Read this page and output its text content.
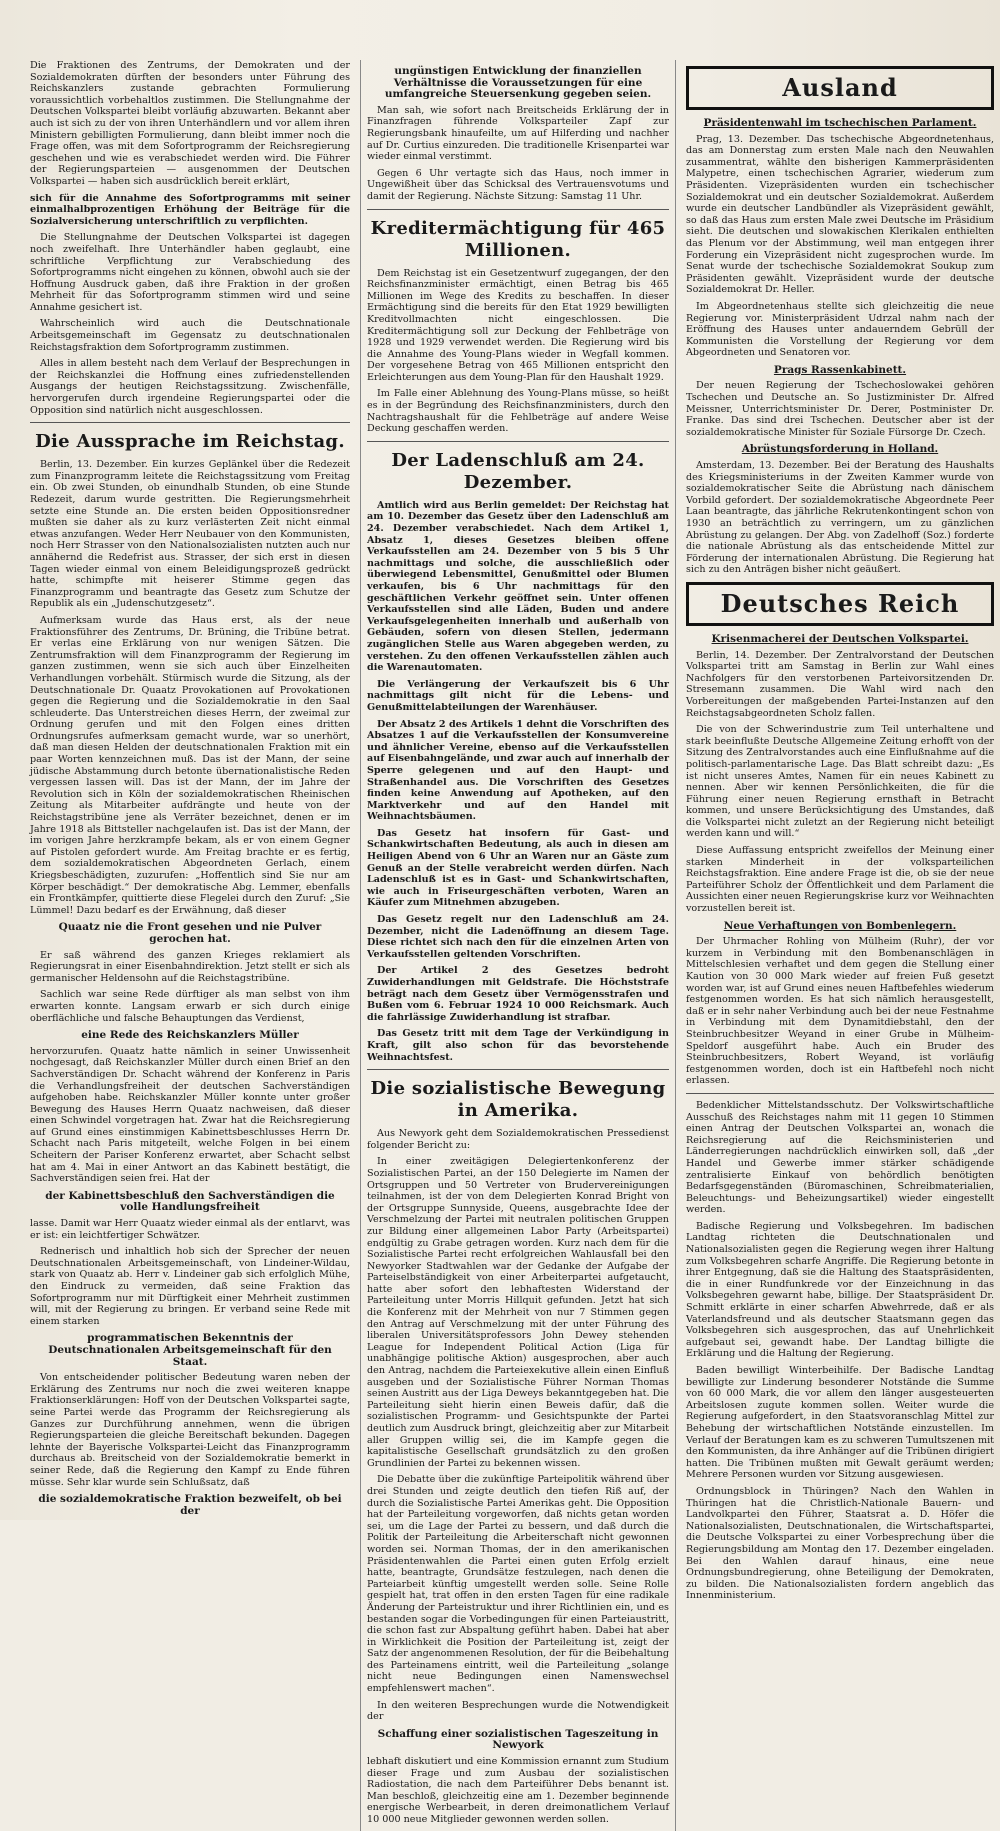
Die Fraktionen des Zentrums, der Demokraten und der Sozialdemokraten dürften der besonders unter Führung des Reichskanzlers zustande gebrachten Formulierung voraussichtlich vorbehaltlos zustimmen. Die Stellungnahme der Deutschen Volkspartei bleibt vorläufig abzuwarten. Bekannt aber auch ist sich zu der von ihren Unterhändlern und vor allem ihren Ministern gebilligten Formulierung, dann bleibt immer noch die Frage offen, was mit dem Sofortprogramm der Reichsregierung geschehen und wie es verabschiedet werden wird. Die Führer der Regierungsparteien — ausgenommen der Deutschen Volkspartei — haben sich ausdrücklich bereit erklärt,

sich für die Annahme des Sofortprogramms mit seiner einmalhalbprozentigen Erhöhung der Beiträge für die Sozialversicherung unterschriftlich zu verpflichten.

Die Stellungnahme der Deutschen Volkspartei ist dagegen noch zweifelhaft. Ihre Unterhändler haben geglaubt, eine schriftliche Verpflichtung zur Verabschiedung des Sofortprogramms nicht eingehen zu können, obwohl auch sie der Hoffnung Ausdruck gaben, daß ihre Fraktion in der großen Mehrheit für das Sofortprogramm stimmen wird und seine Annahme gesichert ist.

Wahrscheinlich wird auch die Deutschnationale Arbeitsgemeinschaft im Gegensatz zu deutschnationalen Reichstagsfraktion dem Sofortprogramm zustimmen.

Alles in allem besteht nach dem Verlauf der Besprechungen in der Reichskanzlei die Hoffnung eines zufriedenstellenden Ausgangs der heutigen Reichstagssitzung. Zwischenfälle, hervorgerufen durch irgendeine Regierungspartei oder die Opposition sind natürlich nicht ausgeschlossen.

Die Aussprache im Reichstag.

Berlin, 13. Dezember. Ein kurzes Geplänkel über die Redezeit zum Finanzprogramm leitete die Reichstagssitzung vom Freitag ein. Ob zwei Stunden, ob einundhalb Stunden, ob eine Stunde Redezeit, darum wurde gestritten. Die Regierungsmehrheit setzte eine Stunde an. Die ersten beiden Oppositionsredner mußten sie daher als zu kurz verlästerten Zeit nicht einmal etwas anzufangen. Weder Herr Neubauer von den Kommunisten, noch Herr Strasser von den Nationalsozialisten nutzten auch nur annähernd die Redefrist aus. Strasser, der sich erst in diesen Tagen wieder einmal von einem Beleidigungsprozeß gedrückt hatte, schimpfte mit heiserer Stimme gegen das Finanzprogramm und beantragte das Gesetz zum Schutze der Republik als ein „Judenschutzgesetz“.

Aufmerksam wurde das Haus erst, als der neue Fraktionsführer des Zentrums, Dr. Brüning, die Tribüne betrat. Er verlas eine Erklärung von nur wenigen Sätzen. Die Zentrumsfraktion will dem Finanzprogramm der Regierung im ganzen zustimmen, wenn sie sich auch über Einzelheiten Verhandlungen vorbehält. Stürmisch wurde die Sitzung, als der Deutschnationale Dr. Quaatz Provokationen auf Provokationen gegen die Regierung und die Sozialdemokratie in den Saal schleuderte. Das Unterstreichen dieses Herrn, der zweimal zur Ordnung gerufen und mit den Folgen eines dritten Ordnungsrufes aufmerksam gemacht wurde, war so unerhört, daß man diesen Helden der deutschnationalen Fraktion mit ein paar Worten kennzeichnen muß. Das ist der Mann, der seine jüdische Abstammung durch betonte übernationalistische Reden vergessen lassen will. Das ist der Mann, der im Jahre der Revolution sich in Köln der sozialdemokratischen Rheinischen Zeitung als Mitarbeiter aufdrängte und heute von der Reichstagstribüne jene als Verräter bezeichnet, denen er im Jahre 1918 als Bittsteller nachgelaufen ist. Das ist der Mann, der im vorigen Jahre herzkrampfe bekam, als er von einem Gegner auf Pistolen gefordert wurde. Am Freitag brachte er es fertig, dem sozialdemokratischen Abgeordneten Gerlach, einem Kriegsbeschädigten, zuzurufen: „Hoffentlich sind Sie nur am Körper beschädigt.“ Der demokratische Abg. Lemmer, ebenfalls ein Frontkämpfer, quittierte diese Flegelei durch den Zuruf: „Sie Lümmel! Dazu bedarf es der Erwähnung, daß dieser

Quaatz nie die Front gesehen und nie Pulver gerochen hat.

Er saß während des ganzen Krieges reklamiert als Regierungsrat in einer Eisenbahndirektion. Jetzt stellt er sich als germanischer Heldensohn auf die Reichstagstribüne.

Sachlich war seine Rede dürftiger als man selbst von ihm erwarten konnte. Langsam erwarb er sich durch einige oberflächliche und falsche Behauptungen das Verdienst,

eine Rede des Reichskanzlers Müller

hervorzurufen. Quaatz hatte nämlich in seiner Unwissenheit nochgesagt, daß Reichskanzler Müller durch einen Brief an den Sachverständigen Dr. Schacht während der Konferenz in Paris die Verhandlungsfreiheit der deutschen Sachverständigen aufgehoben habe. Reichskanzler Müller konnte unter großer Bewegung des Hauses Herrn Quaatz nachweisen, daß dieser einen Schwindel vorgetragen hat. Zwar hat die Reichsregierung auf Grund eines einstimmigen Kabinettsbeschlusses Herrn Dr. Schacht nach Paris mitgeteilt, welche Folgen in bei einem Scheitern der Pariser Konferenz erwartet, aber Schacht selbst hat am 4. Mai in einer Antwort an das Kabinett bestätigt, die Sachverständigen seien frei. Hat der

der Kabinettsbeschluß den Sachverständigen die volle Handlungsfreiheit

lasse. Damit war Herr Quaatz wieder einmal als der entlarvt, was er ist: ein leichtfertiger Schwätzer.

Rednerisch und inhaltlich hob sich der Sprecher der neuen Deutschnationalen Arbeitsgemeinschaft, von Lindeiner-Wildau, stark von Quaatz ab. Herr v. Lindeiner gab sich erfolglich Mühe, den Eindruck zu vermeiden, daß seine Fraktion das Sofortprogramm nur mit Dürftigkeit einer Mehrheit zustimmen will, mit der Regierung zu bringen. Er verband seine Rede mit einem starken

programmatischen Bekenntnis der Deutschnationalen Arbeitsgemeinschaft für den Staat.

Von entscheidender politischer Bedeutung waren neben der Erklärung des Zentrums nur noch die zwei weiteren knappe Fraktionserklärungen: Hoff von der Deutschen Volkspartei sagte, seine Partei werde das Programm der Reichsregierung als Ganzes zur Durchführung annehmen, wenn die übrigen Regierungsparteien die gleiche Bereitschaft bekunden. Dagegen lehnte der Bayerische Volkspartei-Leicht das Finanzprogramm durchaus ab. Breitscheid von der Sozialdemokratie bemerkt in seiner Rede, daß die Regierung den Kampf zu Ende führen müsse. Sehr klar wurde sein Schlußsatz, daß

die sozialdemokratische Fraktion bezweifelt, ob bei der
ungünstigen Entwicklung der finanziellen Verhältnisse die Voraussetzungen für eine umfangreiche Steuersenkung gegeben seien.

Man sah, wie sofort nach Breitscheids Erklärung der in Finanzfragen führende Volksparteiler Zapf zur Regierungsbank hinaufeilte, um auf Hilferding und nachher auf Dr. Curtius einzureden. Die traditionelle Krisenpartei war wieder einmal verstimmt.

Gegen 6 Uhr vertagte sich das Haus, noch immer in Ungewißheit über das Schicksal des Vertrauensvotums und damit der Regierung. Nächste Sitzung: Samstag 11 Uhr.

Kreditermächtigung für 465 Millionen.

Dem Reichstag ist ein Gesetzentwurf zugegangen, der den Reichsfinanzminister ermächtigt, einen Betrag bis 465 Millionen im Wege des Kredits zu beschaffen. In dieser Ermächtigung sind die bereits für den Etat 1929 bewilligten Kreditvollmachten nicht eingeschlossen. Die Kreditermächtigung soll zur Deckung der Fehlbeträge von 1928 und 1929 verwendet werden. Die Regierung wird bis die Annahme des Young-Plans wieder in Wegfall kommen. Der vorgesehene Betrag von 465 Millionen entspricht den Erleichterungen aus dem Young-Plan für den Haushalt 1929.

Im Falle einer Ablehnung des Young-Plans müsse, so heißt es in der Begründung des Reichsfinanzministers, durch den Nachtragshaushalt für die Fehlbeträge auf andere Weise Deckung geschaffen werden.

Der Ladenschluß am 24. Dezember.

Amtlich wird aus Berlin gemeldet: Der Reichstag hat am 10. Dezember das Gesetz über den Ladenschluß am 24. Dezember verabschiedet. Nach dem Artikel 1, Absatz 1, dieses Gesetzes bleiben offene Verkaufsstellen am 24. Dezember von 5 bis 5 Uhr nachmittags und solche, die ausschließlich oder überwiegend Lebensmittel, Genußmittel oder Blumen verkaufen, bis 6 Uhr nachmittags für den geschäftlichen Verkehr geöffnet sein. Unter offenen Verkaufsstellen sind alle Läden, Buden und andere Verkaufsgelegenheiten innerhalb und außerhalb von Gebäuden, sofern von diesen Stellen, jedermann zugänglichen Stelle aus Waren abgegeben werden, zu verstehen. Zu den offenen Verkaufsstellen zählen auch die Warenautomaten.

Die Verlängerung der Verkaufszeit bis 6 Uhr nachmittags gilt nicht für die Lebens- und Genußmittelabteilungen der Warenhäuser.

Der Absatz 2 des Artikels 1 dehnt die Vorschriften des Absatzes 1 auf die Verkaufsstellen der Konsumvereine und ähnlicher Vereine, ebenso auf die Verkaufsstellen auf Eisenbahngelände, und zwar auch auf innerhalb der Sperre gelegenen und auf den Haupt- und Straßenhandel aus. Die Vorschriften des Gesetzes finden keine Anwendung auf Apotheken, auf den Marktverkehr und auf den Handel mit Weihnachtsbäumen.

Das Gesetz hat insofern für Gast- und Schankwirtschaften Bedeutung, als auch in diesen am Heiligen Abend von 6 Uhr an Waren nur an Gäste zum Genuß an der Stelle verabreicht werden dürfen. Nach Ladenschluß ist es in Gast- und Schankwirtschaften, wie auch in Friseurgeschäften verboten, Waren an Käufer zum Mitnehmen abzugeben.

Das Gesetz regelt nur den Ladenschluß am 24. Dezember, nicht die Ladenöffnung an diesem Tage. Diese richtet sich nach den für die einzelnen Arten von Verkaufsstellen geltenden Vorschriften.

Der Artikel 2 des Gesetzes bedroht Zuwiderhandlungen mit Geldstrafe. Die Höchststrafe beträgt nach dem Gesetz über Vermögensstrafen und Bußen vom 6. Februar 1924 10 000 Reichsmark. Auch die fahrlässige Zuwiderhandlung ist strafbar.

Das Gesetz tritt mit dem Tage der Verkündigung in Kraft, gilt also schon für das bevorstehende Weihnachtsfest.

Die sozialistische Bewegung in Amerika.

Aus Newyork geht dem Sozialdemokratischen Pressedienst folgender Bericht zu:

In einer zweitägigen Delegiertenkonferenz der Sozialistischen Partei, an der 150 Delegierte im Namen der Ortsgruppen und 50 Vertreter von Brudervereinigungen teilnahmen, ist der von dem Delegierten Konrad Bright von der Ortsgruppe Sunnyside, Queens, ausgebrachte Idee der Verschmelzung der Partei mit neutralen politischen Gruppen zur Bildung einer allgemeinen Labor Party (Arbeitspartei) endgültig zu Grabe getragen worden. Kurz nach dem für die Sozialistische Partei recht erfolgreichen Wahlausfall bei den Newyorker Stadtwahlen war der Gedanke der Aufgabe der Parteiselbständigkeit von einer Arbeiterpartei aufgetaucht, hatte aber sofort den lebhaftesten Widerstand der Parteileitung unter Morris Hillquit gefunden. Jetzt hat sich die Konferenz mit der Mehrheit von nur 7 Stimmen gegen den Antrag auf Verschmelzung mit der unter Führung des liberalen Universitätsprofessors John Dewey stehenden League for Independent Political Action (Liga für unabhängige politische Aktion) ausgesprochen, aber auch den Antrag, nachdem die Parteiexekutive allein einen Einfluß ausgeben und der Sozialistische Führer Norman Thomas seinen Austritt aus der Liga Deweys bekanntgegeben hat. Die Parteileitung sieht hierin einen Beweis dafür, daß die sozialistischen Programm- und Gesichtspunkte der Partei deutlich zum Ausdruck bringt, gleichzeitig aber zur Mitarbeit aller Gruppen willig sei, die im Kampfe gegen die kapitalistische Gesellschaft grundsätzlich zu den großen Grundlinien der Partei zu bekennen wissen.

Die Debatte über die zukünftige Parteipolitik während über drei Stunden und zeigte deutlich den tiefen Riß auf, der durch die Sozialistische Partei Amerikas geht. Die Opposition hat der Parteileitung vorgeworfen, daß nichts getan worden sei, um die Lage der Partei zu bessern, und daß durch die Politik der Parteileitung die Arbeiterschaft nicht gewonnen worden sei. Norman Thomas, der in den amerikanischen Präsidentenwahlen die Partei einen guten Erfolg erzielt hatte, beantragte, Grundsätze festzulegen, nach denen die Parteiarbeit künftig umgestellt werden solle. Seine Rolle gespielt hat, trat offen in den ersten Tagen für eine radikale Änderung der Parteistruktur und ihrer Richtlinien ein, und es bestanden sogar die Vorbedingungen für einen Parteiaustritt, die schon fast zur Abspaltung geführt haben. Dabei hat aber in Wirklichkeit die Position der Parteileitung ist, zeigt der Satz der angenommenen Resolution, der für die Beibehaltung des Parteinamens eintritt, weil die Parteileitung „solange nicht neue Bedingungen einen Namenswechsel empfehlenswert machen“.

In den weiteren Besprechungen wurde die Notwendigkeit der

Schaffung einer sozialistischen Tageszeitung in Newyork

lebhaft diskutiert und eine Kommission ernannt zum Studium dieser Frage und zum Ausbau der sozialistischen Radiostation, die nach dem Parteiführer Debs benannt ist. Man beschloß, gleichzeitig eine am 1. Dezember beginnende energische Werbearbeit, in deren dreimonatlichem Verlauf 10 000 neue Mitglieder gewonnen werden sollen.

Ausland
Präsidentenwahl im tschechischen Parlament.

Prag, 13. Dezember. Das tschechische Abgeordnetenhaus, das am Donnerstag zum ersten Male nach den Neuwahlen zusammentrat, wählte den bisherigen Kammerpräsidenten Malypetre, einen tschechischen Agrarier, wiederum zum Präsidenten. Vizepräsidenten wurden ein tschechischer Sozialdemokrat und ein deutscher Sozialdemokrat. Außerdem wurde ein deutscher Landbündler als Vizepräsident gewählt, so daß das Haus zum ersten Male zwei Deutsche im Präsidium sieht. Die deutschen und slowakischen Klerikalen enthielten das Plenum vor der Abstimmung, weil man entgegen ihrer Forderung ein Vizepräsident nicht zugesprochen wurde. Im Senat wurde der tschechische Sozialdemokrat Soukup zum Präsidenten gewählt. Vizepräsident wurde der deutsche Sozialdemokrat Dr. Heller.

Im Abgeordnetenhaus stellte sich gleichzeitig die neue Regierung vor. Ministerpräsident Udrzal nahm nach der Eröffnung des Hauses unter andauerndem Gebrüll der Kommunisten die Vorstellung der Regierung vor dem Abgeordneten und Senatoren vor.

Prags Rassenkabinett.

Der neuen Regierung der Tschechoslowakei gehören Tschechen und Deutsche an. So Justizminister Dr. Alfred Meissner, Unterrichtsminister Dr. Derer, Postminister Dr. Franke. Das sind drei Tschechen. Deutscher aber ist der sozialdemokratische Minister für Soziale Fürsorge Dr. Czech.

Abrüstungsforderung in Holland.

Amsterdam, 13. Dezember. Bei der Beratung des Haushalts des Kriegsministeriums in der Zweiten Kammer wurde von sozialdemokratischer Seite die Abrüstung nach dänischem Vorbild gefordert. Der sozialdemokratische Abgeordnete Peer Laan beantragte, das jährliche Rekrutenkontingent schon von 1930 an beträchtlich zu verringern, um zu gänzlichen Abrüstung zu gelangen. Der Abg. von Zadelhoff (Soz.) forderte die nationale Abrüstung als das entscheidende Mittel zur Förderung der internationalen Abrüstung. Die Regierung hat sich zu den Anträgen bisher nicht geäußert.

Deutsches Reich
Krisenmacherei der Deutschen Volkspartei.

Berlin, 14. Dezember. Der Zentralvorstand der Deutschen Volkspartei tritt am Samstag in Berlin zur Wahl eines Nachfolgers für den verstorbenen Parteivorsitzenden Dr. Stresemann zusammen. Die Wahl wird nach den Vorbereitungen der maßgebenden Partei-Instanzen auf den Reichstagsabgeordneten Scholz fallen.

Die von der Schwerindustrie zum Teil unterhaltene und stark beeinflußte Deutsche Allgemeine Zeitung erhofft von der Sitzung des Zentralvorstandes auch eine Einflußnahme auf die politisch-parlamentarische Lage. Das Blatt schreibt dazu: „Es ist nicht unseres Amtes, Namen für ein neues Kabinett zu nennen. Aber wir kennen Persönlichkeiten, die für die Führung einer neuen Regierung ernsthaft in Betracht kommen, und unsere Berücksichtigung des Umstandes, daß die Volkspartei nicht zuletzt an der Regierung nicht beteiligt werden kann und will.“

Diese Auffassung entspricht zweifellos der Meinung einer starken Minderheit in der volksparteilichen Reichstagsfraktion. Eine andere Frage ist die, ob sie der neue Parteiführer Scholz der Öffentlichkeit und dem Parlament die Aussichten einer neuen Regierungskrise kurz vor Weihnachten vorzustellen bereit ist.

Neue Verhaftungen von Bombenlegern.

Der Uhrmacher Rohling von Mülheim (Ruhr), der vor kurzem in Verbindung mit den Bombenanschlägen in Mittelschlesien verhaftet und dem gegen die Stellung einer Kaution von 30 000 Mark wieder auf freien Fuß gesetzt worden war, ist auf Grund eines neuen Haftbefehles wiederum festgenommen worden. Es hat sich nämlich herausgestellt, daß er in sehr naher Verbindung auch bei der neue Festnahme in Verbindung mit dem Dynamitdiebstahl, den der Steinbruchbesitzer Weyand in einer Grube in Mülheim-Speldorf ausgeführt habe. Auch ein Bruder des Steinbruchbesitzers, Robert Weyand, ist vorläufig festgenommen worden, doch ist ein Haftbefehl noch nicht erlassen.

Bedenklicher Mittelstandsschutz. Der Volkswirtschaftliche Ausschuß des Reichstages nahm mit 11 gegen 10 Stimmen einen Antrag der Deutschen Volkspartei an, wonach die Reichsregierung auf die Reichsministerien und Länderregierungen nachdrücklich einwirken soll, daß „der Handel und Gewerbe immer stärker schädigende zentralisierte Einkauf von behördlich benötigten Bedarfsgegenständen (Büromaschinen, Schreibmaterialien, Beleuchtungs- und Beheizungsartikel) wieder eingestellt werden.

Badische Regierung und Volksbegehren. Im badischen Landtag richteten die Deutschnationalen und Nationalsozialisten gegen die Regierung wegen ihrer Haltung zum Volksbegehren scharfe Angriffe. Die Regierung betonte in ihrer Entgegnung, daß sie die Haltung des Staatspräsidenten, die in einer Rundfunkrede vor der Einzeichnung in das Volksbegehren gewarnt habe, billige. Der Staatspräsident Dr. Schmitt erklärte in einer scharfen Abwehrrede, daß er als Vaterlandsfreund und als deutscher Staatsmann gegen das Volksbegehren sich ausgesprochen, das auf Unehrlichkeit aufgebaut sei, gewandt habe. Der Landtag billigte die Erklärung und die Haltung der Regierung.

Baden bewilligt Winterbeihilfe. Der Badische Landtag bewilligte zur Linderung besonderer Notstände die Summe von 60 000 Mark, die vor allem den länger ausgesteuerten Arbeitslosen zugute kommen sollen. Weiter wurde die Regierung aufgefordert, in den Staatsvoranschlag Mittel zur Behebung der wirtschaftlichen Notstände einzustellen. Im Verlauf der Beratungen kam es zu schweren Tumultszenen mit den Kommunisten, da ihre Anhänger auf die Tribünen dirigiert hatten. Die Tribünen mußten mit Gewalt geräumt werden; Mehrere Personen wurden vor Sitzung ausgewiesen.

Ordnungsblock in Thüringen? Nach den Wahlen in Thüringen hat die Christlich-Nationale Bauern- und Landvolkpartei den Führer, Staatsrat a. D. Höfer die Nationalsozialisten, Deutschnationalen, die Wirtschaftspartei, die Deutsche Volkspartei zu einer Vorbesprechung über die Regierungsbildung am Montag den 17. Dezember eingeladen. Bei den Wahlen darauf hinaus, eine neue Ordnungsbundregierung, ohne Beteiligung der Demokraten, zu bilden. Die Nationalsozialisten fordern angeblich das Innenministerium.
